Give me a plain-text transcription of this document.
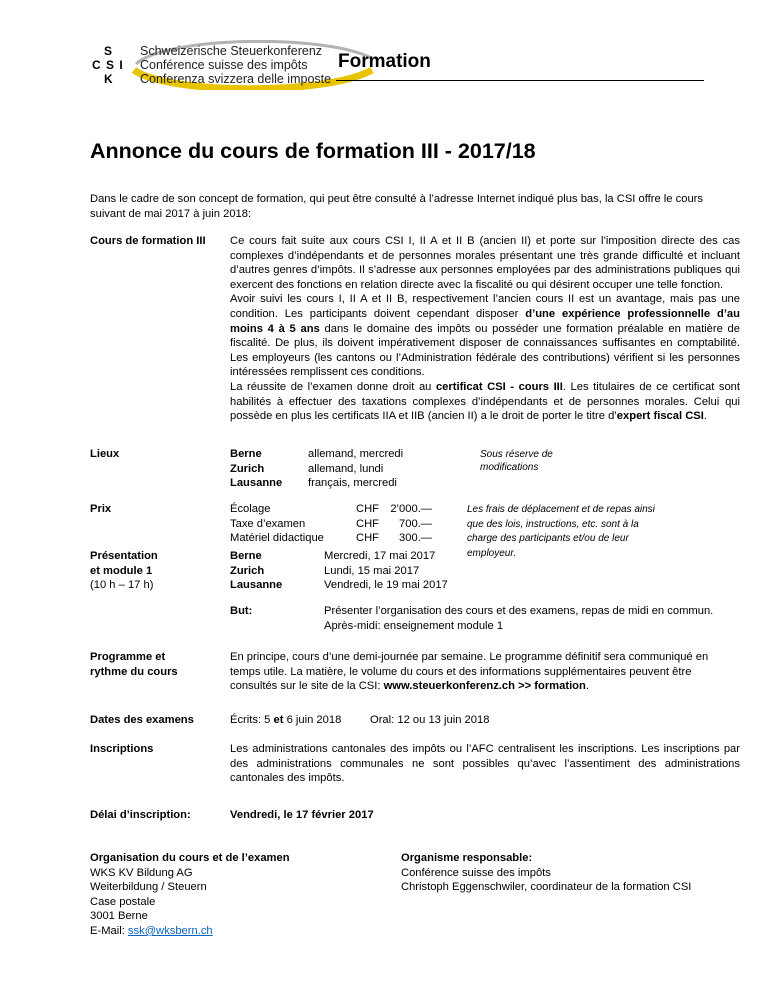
S
C S I
K
Schweizerische Steuerkonferenz
Conférence suisse des impôts
Conferenza svizzera delle imposte
Formation
Annonce du cours de formation III - 2017/18
Dans le cadre de son concept de formation, qui peut être consulté à l’adresse Internet indiqué plus bas, la CSI offre le cours suivant de mai 2017 à juin 2018:
Cours de formation III Ce cours fait suite aux cours CSI I, II A et II B (ancien II) et porte sur l’imposition directe des cas complexes d’indépendants et de personnes morales présentant une très grande difficulté et incluant d’autres genres d’impôts. Il s’adresse aux personnes employées par des administrations publiques qui exercent des fonctions en relation directe avec la fiscalité ou qui désirent occuper une telle fonction.
Avoir suivi les cours I, II A et II B, respectivement l’ancien cours II est un avantage, mais pas une condition. Les participants doivent cependant disposer d’une expérience professionnelle d’au moins 4 à 5 ans dans le domaine des impôts ou posséder une formation préalable en matière de fiscalité. De plus, ils doivent impérativement disposer de connaissances suffisantes en comptabilité. Les employeurs (les cantons ou l’Administration fédérale des contributions) vérifient si les personnes intéressées remplissent ces conditions.
La réussite de l’examen donne droit au certificat CSI - cours III. Les titulaires de ce certificat sont habilités à effectuer des taxations complexes d’indépendants et de personnes morales. Celui qui possède en plus les certificats IIA et IIB (ancien II) a le droit de porter le titre d’expert fiscal CSI.
Lieux	Berne	allemand, mercredi
Zurich	allemand, lundi
Lausanne français, mercredi
Sous réserve de modifications
Prix	Écolage	CHF 2’000.—
Taxe d’examen	CHF 700.—
Matériel didactique	CHF 300.—
Les frais de déplacement et de repas ainsi que des lois, instructions, etc. sont à la charge des participants et/ou de leur employeur.
Présentation
et module 1
(10 h – 17 h)
Berne	Mercredi, 17 mai 2017
Zurich	Lundi, 15 mai 2017
Lausanne	Vendredi, le 19 mai 2017
But:	Présenter l’organisation des cours et des examens, repas de midi en commun.
Après-midi: enseignement module 1
Programme et
rythme du cours
En principe, cours d’une demi-journée par semaine. Le programme définitif sera communiqué en temps utile. La matière, le volume du cours et des informations supplémentaires peuvent être consultés sur le site de la CSI: www.steuerkonferenz.ch >> formation.
Dates des examens	Écrits: 5 et 6 juin 2018	Oral: 12 ou 13 juin 2018
Inscriptions	Les administrations cantonales des impôts ou l’AFC centralisent les inscriptions. Les inscriptions par des administrations communales ne sont possibles qu’avec l’assentiment des administrations cantonales des impôts.
Délai d’inscription:	Vendredi, le 17 février 2017
Organisation du cours et de l’examen
WKS KV Bildung AG
Weiterbildung / Steuern
Case postale
3001 Berne
E-Mail: ssk@wksbern.ch
Organisme responsable:
Conférence suisse des impôts
Christoph Eggenschwiler, coordinateur de la formation CSI
